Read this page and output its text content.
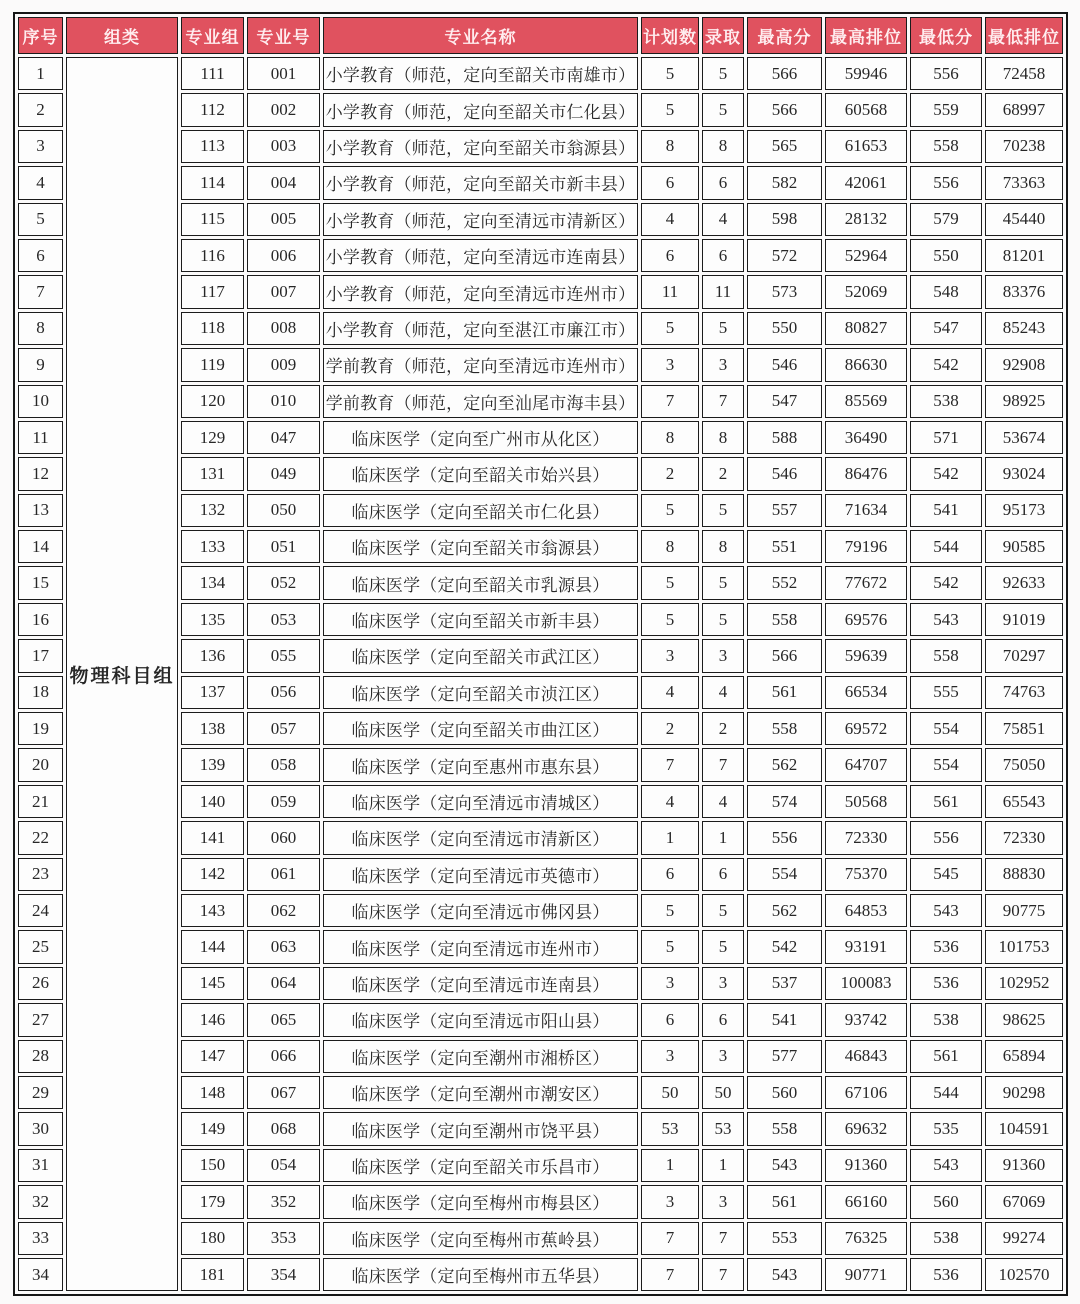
序号	组类	专业组	专业号	专业名称	计划数	录取	最高分	最高排位	最低分	最低排位
1	物理科目组	111	001	小学教育（师范，定向至韶关市南雄市）	5	5	566	59946	556	72458
2		112	002	小学教育（师范，定向至韶关市仁化县）	5	5	566	60568	559	68997
3		113	003	小学教育（师范，定向至韶关市翁源县）	8	8	565	61653	558	70238
4		114	004	小学教育（师范，定向至韶关市新丰县）	6	6	582	42061	556	73363
5		115	005	小学教育（师范，定向至清远市清新区）	4	4	598	28132	579	45440
6		116	006	小学教育（师范，定向至清远市连南县）	6	6	572	52964	550	81201
7		117	007	小学教育（师范，定向至清远市连州市）	11	11	573	52069	548	83376
8		118	008	小学教育（师范，定向至湛江市廉江市）	5	5	550	80827	547	85243
9		119	009	学前教育（师范，定向至清远市连州市）	3	3	546	86630	542	92908
10		120	010	学前教育（师范，定向至汕尾市海丰县）	7	7	547	85569	538	98925
11		129	047	临床医学（定向至广州市从化区）	8	8	588	36490	571	53674
12		131	049	临床医学（定向至韶关市始兴县）	2	2	546	86476	542	93024
13		132	050	临床医学（定向至韶关市仁化县）	5	5	557	71634	541	95173
14		133	051	临床医学（定向至韶关市翁源县）	8	8	551	79196	544	90585
15		134	052	临床医学（定向至韶关市乳源县）	5	5	552	77672	542	92633
16		135	053	临床医学（定向至韶关市新丰县）	5	5	558	69576	543	91019
17		136	055	临床医学（定向至韶关市武江区）	3	3	566	59639	558	70297
18		137	056	临床医学（定向至韶关市浈江区）	4	4	561	66534	555	74763
19		138	057	临床医学（定向至韶关市曲江区）	2	2	558	69572	554	75851
20		139	058	临床医学（定向至惠州市惠东县）	7	7	562	64707	554	75050
21		140	059	临床医学（定向至清远市清城区）	4	4	574	50568	561	65543
22		141	060	临床医学（定向至清远市清新区）	1	1	556	72330	556	72330
23		142	061	临床医学（定向至清远市英德市）	6	6	554	75370	545	88830
24		143	062	临床医学（定向至清远市佛冈县）	5	5	562	64853	543	90775
25		144	063	临床医学（定向至清远市连州市）	5	5	542	93191	536	101753
26		145	064	临床医学（定向至清远市连南县）	3	3	537	100083	536	102952
27		146	065	临床医学（定向至清远市阳山县）	6	6	541	93742	538	98625
28		147	066	临床医学（定向至潮州市湘桥区）	3	3	577	46843	561	65894
29		148	067	临床医学（定向至潮州市潮安区）	50	50	560	67106	544	90298
30		149	068	临床医学（定向至潮州市饶平县）	53	53	558	69632	535	104591
31		150	054	临床医学（定向至韶关市乐昌市）	1	1	543	91360	543	91360
32		179	352	临床医学（定向至梅州市梅县区）	3	3	561	66160	560	67069
33		180	353	临床医学（定向至梅州市蕉岭县）	7	7	553	76325	538	99274
34		181	354	临床医学（定向至梅州市五华县）	7	7	543	90771	536	102570
